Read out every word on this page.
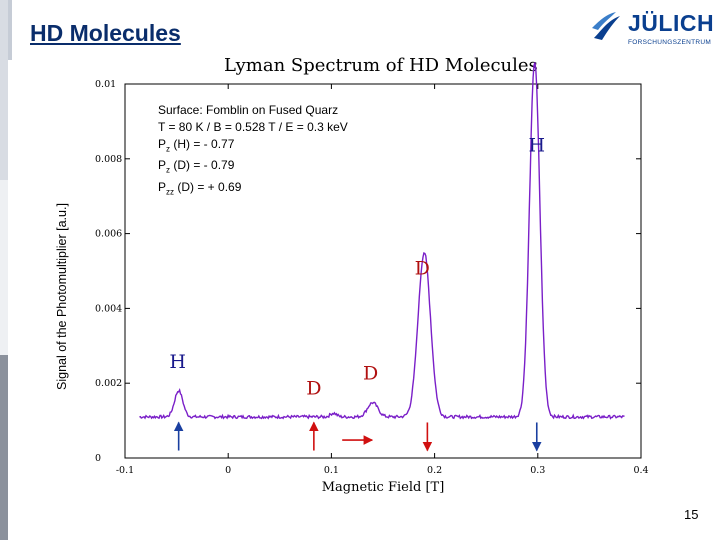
HD Molecules	JÜLICH
FORSCHUNGSZENTRUM
Lyman Spectrum of HD Molecules
Signal of the Photomultiplier [a.u.]
Surface: Fomblin on Fused Quarz
T = 80 K / B = 0.528 T / E = 0.3 keV
$P_z$ (H) = - 0.77
$P_z$ (D) = - 0.79
$P_{zz}$ (D) = + 0.69
0
0.002
0.004
0.006
0.008
0.01
-0.1	0	0.1	0.2	0.3	0.4
Magnetic Field [T]
H
D
D
D
H
15
